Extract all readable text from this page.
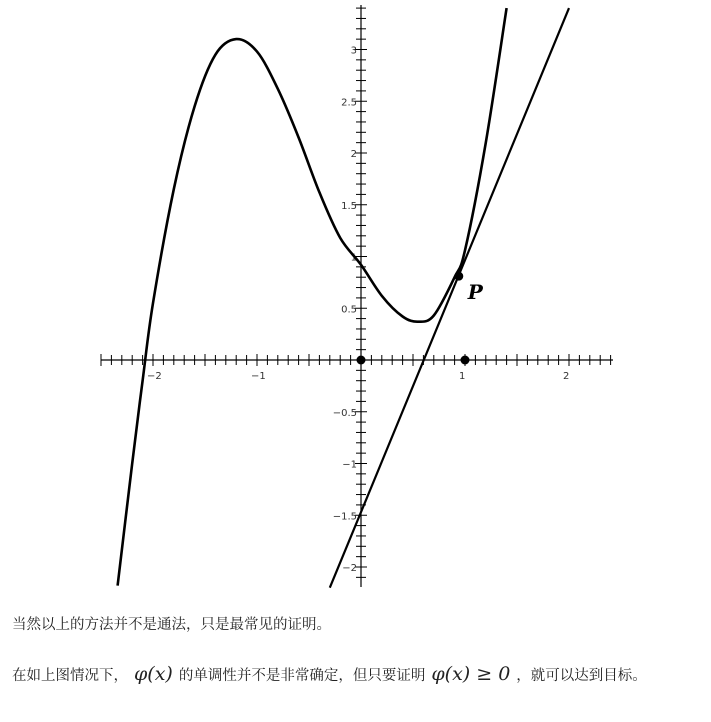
−2	−1	1	2
3
2.5
2
1.5
1
0.5
−0.5
−1
−1.5
−2
P
当然以上的方法并不是通法，只是最常见的证明。
在如上图情况下， φ(x) 的单调性并不是非常确定，但只要证明 φ(x) ≥ 0 ，就可以达到目标。
